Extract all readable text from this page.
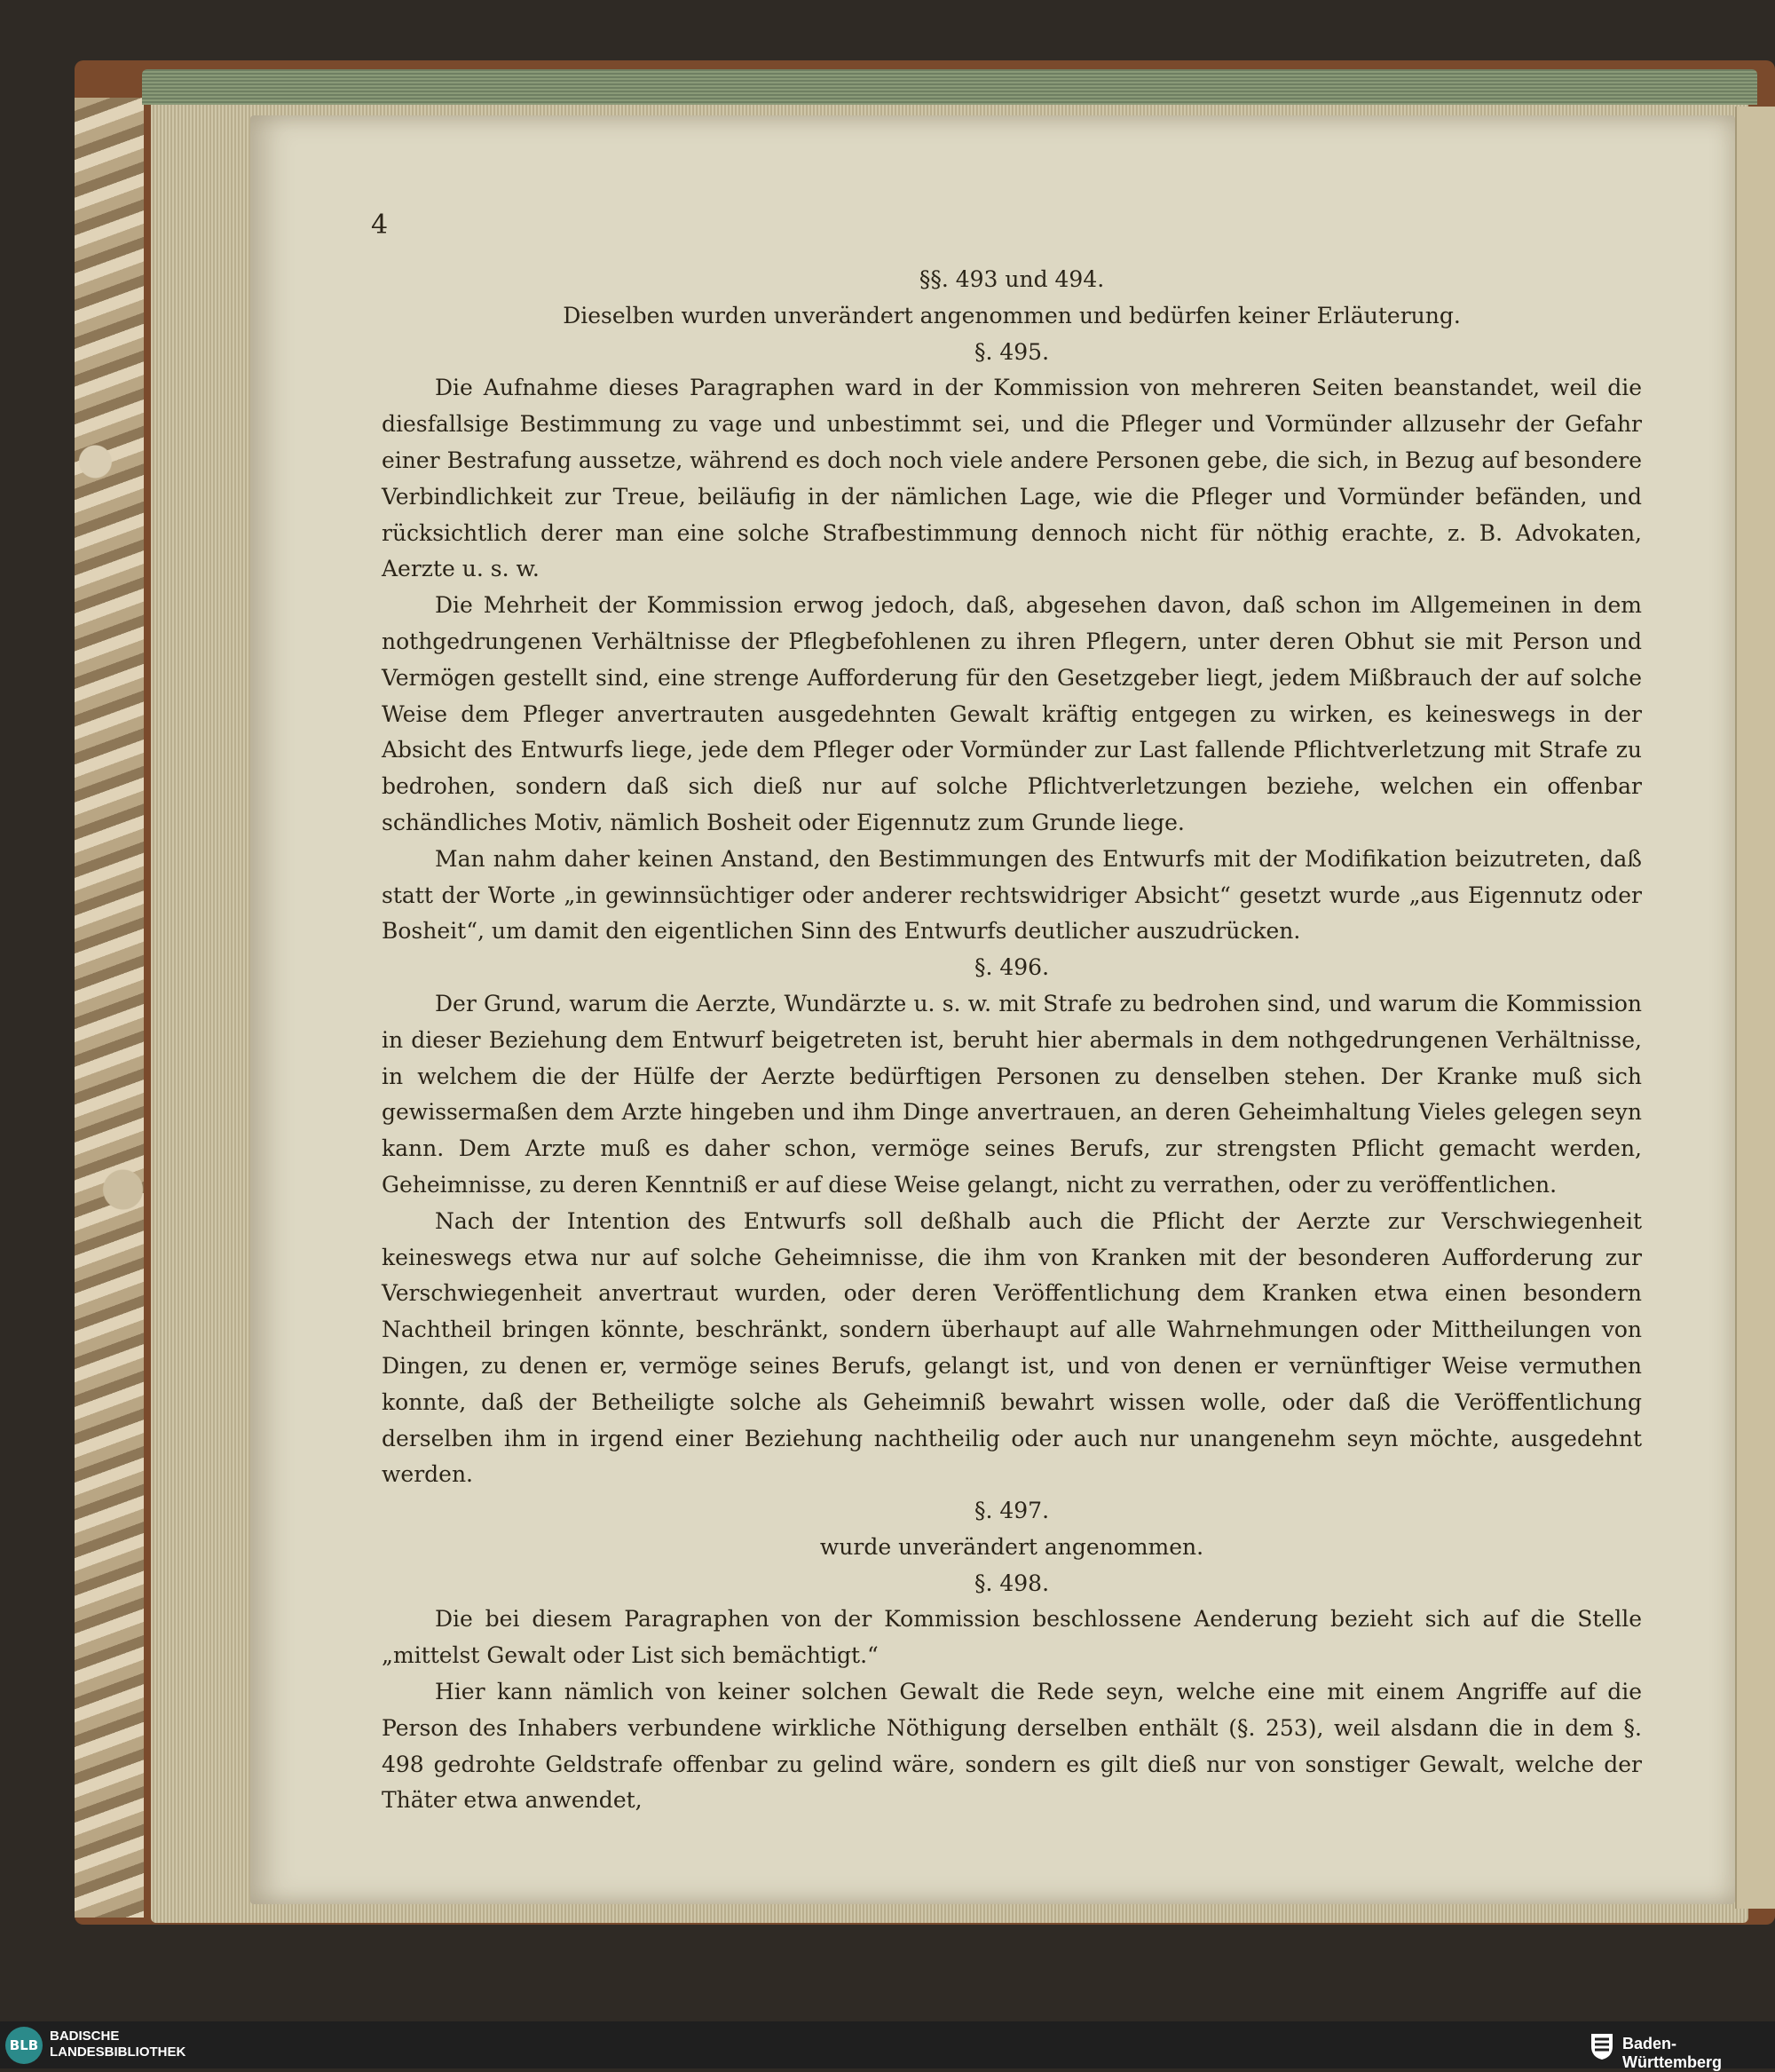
4

§§. 493 und 494.

Dieselben wurden unverändert angenommen und bedürfen keiner Erläuterung.

§. 495.

Die Aufnahme dieses Paragraphen ward in der Kommission von mehreren Seiten beanstandet, weil die diesfallsige Bestimmung zu vage und unbestimmt sei, und die Pfleger und Vormünder allzusehr der Gefahr einer Bestrafung aussetze, während es doch noch viele andere Personen gebe, die sich, in Bezug auf besondere Verbindlichkeit zur Treue, beiläufig in der nämlichen Lage, wie die Pfleger und Vormünder befänden, und rücksichtlich derer man eine solche Strafbestimmung dennoch nicht für nöthig erachte, z. B. Advokaten, Aerzte u. s. w.

Die Mehrheit der Kommission erwog jedoch, daß, abgesehen davon, daß schon im Allgemeinen in dem nothgedrungenen Verhältnisse der Pflegbefohlenen zu ihren Pflegern, unter deren Obhut sie mit Person und Vermögen gestellt sind, eine strenge Aufforderung für den Gesetzgeber liegt, jedem Mißbrauch der auf solche Weise dem Pfleger anvertrauten ausgedehnten Gewalt kräftig entgegen zu wirken, es keineswegs in der Absicht des Entwurfs liege, jede dem Pfleger oder Vormünder zur Last fallende Pflichtverletzung mit Strafe zu bedrohen, sondern daß sich dieß nur auf solche Pflichtverletzungen beziehe, welchen ein offenbar schändliches Motiv, nämlich Bosheit oder Eigennutz zum Grunde liege.

Man nahm daher keinen Anstand, den Bestimmungen des Entwurfs mit der Modifikation beizutreten, daß statt der Worte „in gewinnsüchtiger oder anderer rechtswidriger Absicht“ gesetzt wurde „aus Eigennutz oder Bosheit“, um damit den eigentlichen Sinn des Entwurfs deutlicher auszudrücken.

§. 496.

Der Grund, warum die Aerzte, Wundärzte u. s. w. mit Strafe zu bedrohen sind, und warum die Kommission in dieser Beziehung dem Entwurf beigetreten ist, beruht hier abermals in dem nothgedrungenen Verhältnisse, in welchem die der Hülfe der Aerzte bedürftigen Personen zu denselben stehen. Der Kranke muß sich gewissermaßen dem Arzte hingeben und ihm Dinge anvertrauen, an deren Geheimhaltung Vieles gelegen seyn kann. Dem Arzte muß es daher schon, vermöge seines Berufs, zur strengsten Pflicht gemacht werden, Geheimnisse, zu deren Kenntniß er auf diese Weise gelangt, nicht zu verrathen, oder zu veröffentlichen.

Nach der Intention des Entwurfs soll deßhalb auch die Pflicht der Aerzte zur Verschwiegenheit keineswegs etwa nur auf solche Geheimnisse, die ihm von Kranken mit der besonderen Aufforderung zur Verschwiegenheit anvertraut wurden, oder deren Veröffentlichung dem Kranken etwa einen besondern Nachtheil bringen könnte, beschränkt, sondern überhaupt auf alle Wahrnehmungen oder Mittheilungen von Dingen, zu denen er, vermöge seines Berufs, gelangt ist, und von denen er vernünftiger Weise vermuthen konnte, daß der Betheiligte solche als Geheimniß bewahrt wissen wolle, oder daß die Veröffentlichung derselben ihm in irgend einer Beziehung nachtheilig oder auch nur unangenehm seyn möchte, ausgedehnt werden.

§. 497.

wurde unverändert angenommen.

§. 498.

Die bei diesem Paragraphen von der Kommission beschlossene Aenderung bezieht sich auf die Stelle „mittelst Gewalt oder List sich bemächtigt.“

Hier kann nämlich von keiner solchen Gewalt die Rede seyn, welche eine mit einem Angriffe auf die Person des Inhabers verbundene wirkliche Nöthigung derselben enthält (§. 253), weil alsdann die in dem §. 498 gedrohte Geldstrafe offenbar zu gelind wäre, sondern es gilt dieß nur von sonstiger Gewalt, welche der Thäter etwa anwendet,

BLB
BADISCHE
LANDESBIBLIOTHEK	Baden-Württemberg
